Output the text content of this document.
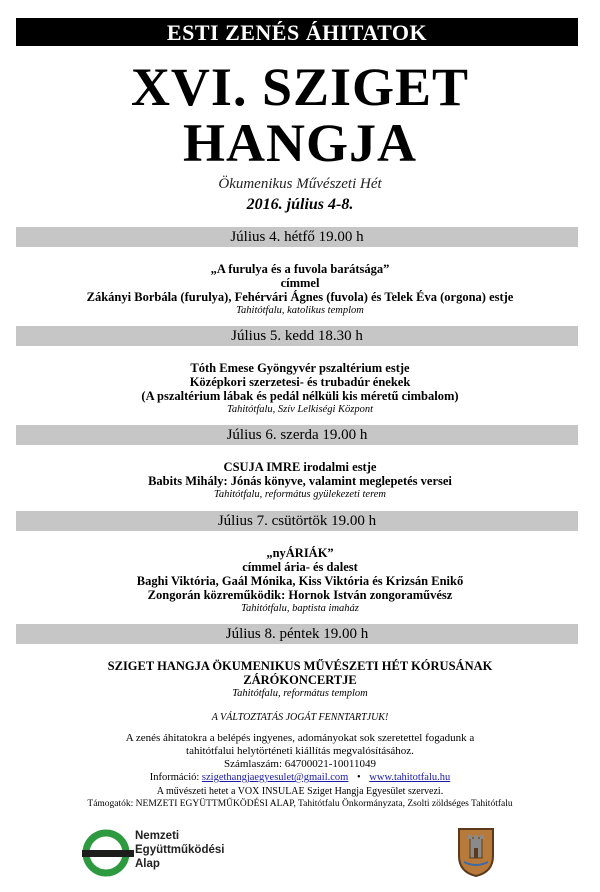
ESTI ZENÉS ÁHITATOK
XVI. SZIGET
HANGJA
Ökumenikus Művészeti Hét
2016. július 4-8.
Július 4. hétfő 19.00 h
„A furulya és a fuvola barátsága”
címmel
Zákányi Borbála (furulya), Fehérvári Ágnes (fuvola) és Telek Éva (orgona) estje
Tahitótfalu, katolikus templom
Július 5. kedd 18.30 h
Tóth Emese Gyöngyvér pszaltérium estje
Középkori szerzetesi- és trubadúr énekek
(A pszaltérium lábak és pedál nélküli kis méretű cimbalom)
Tahitótfalu, Szív Lelkiségi Központ
Július 6. szerda 19.00 h
CSUJA IMRE irodalmi estje
Babits Mihály: Jónás könyve, valamint meglepetés versei
Tahitótfalu, református gyülekezeti terem
Július 7. csütörtök 19.00 h
„nyÁRIÁK”
címmel ária- és dalest
Baghi Viktória, Gaál Mónika, Kiss Viktória és Krizsán Enikő
Zongorán közreműködik: Hornok István zongoraművész
Tahitótfalu, baptista imaház
Július 8. péntek 19.00 h
SZIGET HANGJA ÖKUMENIKUS MŰVÉSZETI HÉT KÓRUSÁNAK
ZÁRÓKONCERTJE
Tahitótfalu, református templom
A VÁLTOZTATÁS JOGÁT FENNTARTJUK!
A zenés áhitatokra a belépés ingyenes, adományokat sok szeretettel fogadunk a
tahitótfalui helytörténeti kiállítás megvalósításához.
Számlaszám: 64700021-10011049
Információ: szigethangjaegyesulet@gmail.com • www.tahitotfalu.hu
A művészeti hetet a VOX INSULAE Sziget Hangja Egyesület szervezi.
Támogatók: NEMZETI EGYÜTTMŰKÖDÉSI ALAP, Tahitótfalu Önkormányzata, Zsolti zöldséges Tahitótfalu
Nemzeti
Együttműködési
Alap
